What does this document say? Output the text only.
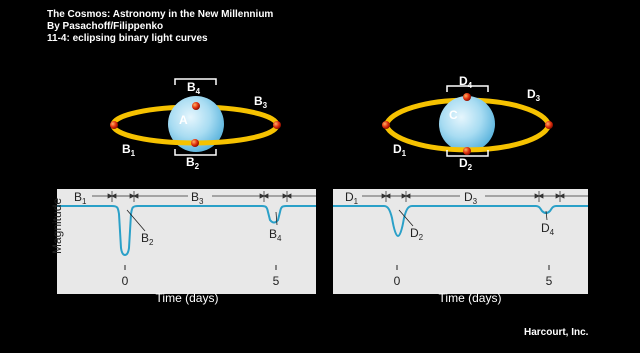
The Cosmos: Astronomy in the New Millennium
By Pasachoff/Filippenko
11-4: eclipsing binary light curves
A
$B_4$
$B_2$
$B_1$
$B_3$
$B_1$	$B_3$
$B_2$
$B_4$
0	5
Time (days)
Magnitude
C
$D_4$
$D_2$
$D_1$
$D_3$
$D_1$	$D_3$
$D_2$
$D_4$
0	5
Time (days)
Harcourt, Inc.
